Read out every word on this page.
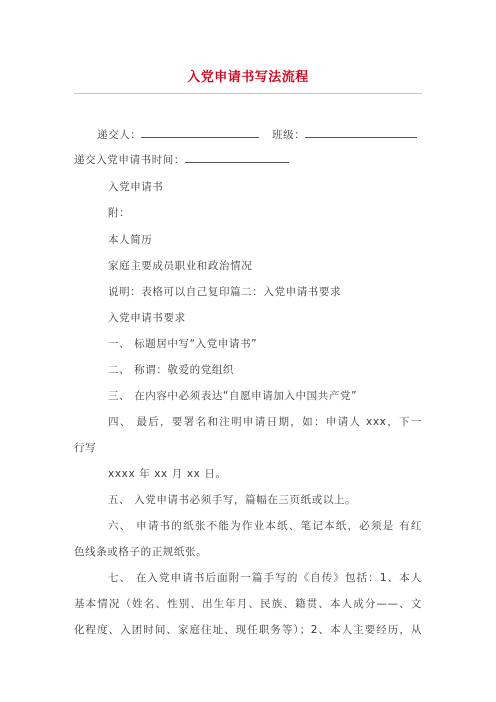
入党申请书写法流程
递交人：	班级：
递交入党申请书时间：
入党申请书
附：
本人简历
家庭主要成员职业和政治情况
说明：表格可以自己复印篇二：入党申请书要求
入党申请书要求
一、 标题居中写“入党申请书”
二、 称谓：敬爱的党组织
三、 在内容中必须表达“自愿申请加入中国共产党”
四、 最后，要署名和注明申请日期，如：申请人 xxx，下一
行写
xxxx 年 xx 月 xx 日。
五、 入党申请书必须手写，篇幅在三页纸或以上。
六、 申请书的纸张不能为作业本纸、笔记本纸，必须是 有红
色线条或格子的正规纸张。
七、 在入党申请书后面附一篇手写的《自传》包括：1、本人
基本情况（姓名、性别、出生年月、民族、籍贯、本人成分——、文
化程度、入团时间、家庭住址、现任职务等）；2、本人主要经历，从
